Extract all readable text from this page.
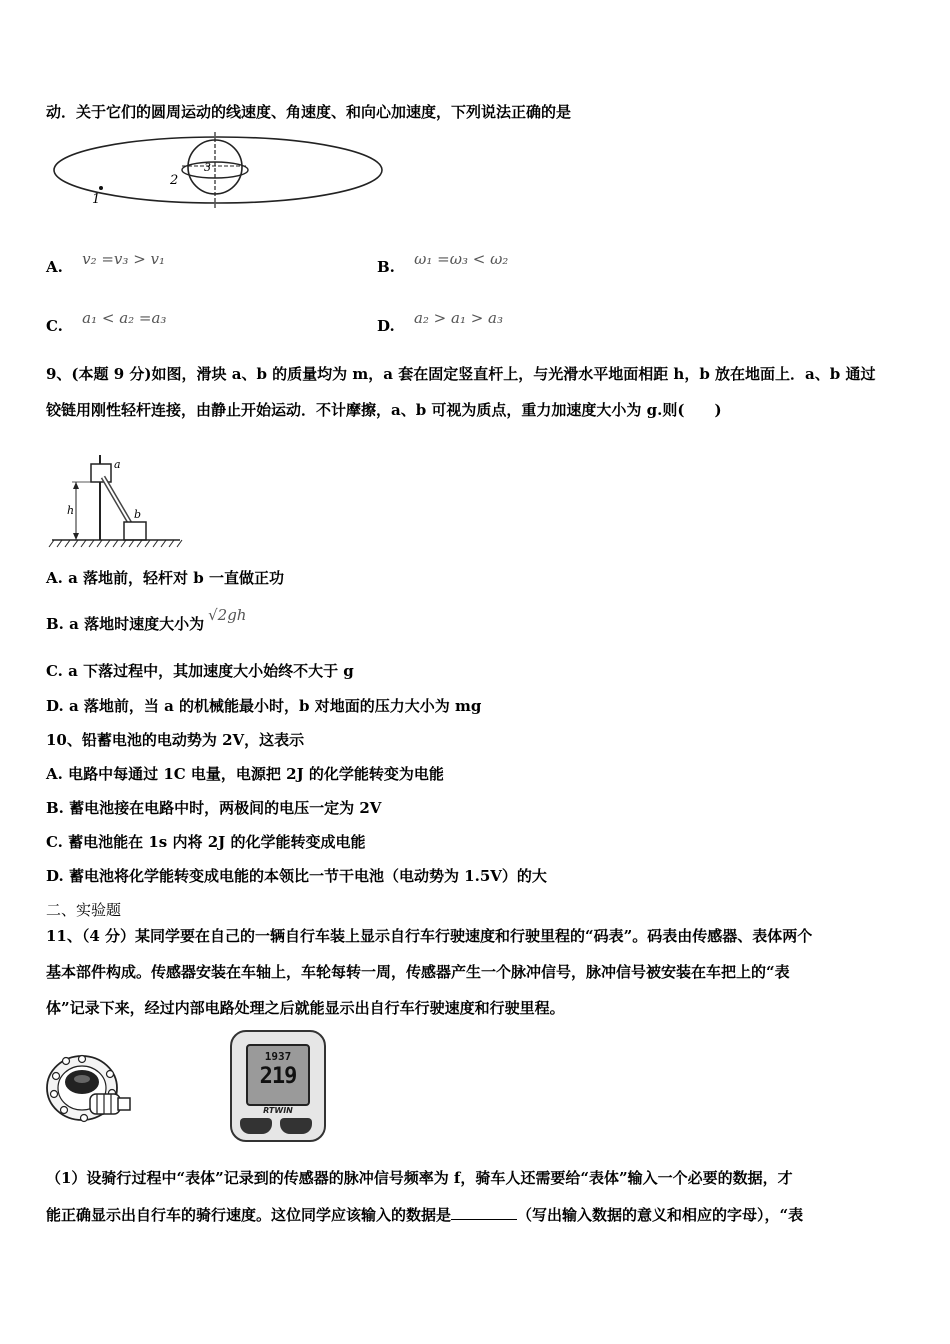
动．关于它们的圆周运动的线速度、角速度、和向心加速度，下列说法正确的是
1
2
3
A. v₂ =v₃ > v₁	B. ω₁ =ω₃ < ω₂
C. a₁ < a₂ =a₃	D. a₂ > a₁ > a₃
9、(本题 9 分)如图，滑块 a、b 的质量均为 m，a 套在固定竖直杆上，与光滑水平地面相距 h，b 放在地面上．a、b 通过
铰链用刚性轻杆连接，由静止开始运动．不计摩擦，a、b 可视为质点，重力加速度大小为 g.则(　　)
h
a
b
A. a 落地前，轻杆对 b 一直做正功
B. a 落地时速度大小为 √2gh
C. a 下落过程中，其加速度大小始终不大于 g
D. a 落地前，当 a 的机械能最小时，b 对地面的压力大小为 mg
10、铅蓄电池的电动势为 2V，这表示
A. 电路中每通过 1C 电量，电源把 2J 的化学能转变为电能
B. 蓄电池接在电路中时，两极间的电压一定为 2V
C. 蓄电池能在 1s 内将 2J 的化学能转变成电能
D. 蓄电池将化学能转变成电能的本领比一节干电池（电动势为 1.5V）的大
二、实验题
11、（4 分）某同学要在自己的一辆自行车装上显示自行车行驶速度和行驶里程的“码表”。码表由传感器、表体两个
基本部件构成。传感器安装在车轴上，车轮每转一周，传感器产生一个脉冲信号，脉冲信号被安装在车把上的“表
体”记录下来，经过内部电路处理之后就能显示出自行车行驶速度和行驶里程。
1937
219
RTWIN
（1）设骑行过程中“表体”记录到的传感器的脉冲信号频率为 f，骑车人还需要给“表体”输入一个必要的数据，才
能正确显示出自行车的骑行速度。这位同学应该输入的数据是	（写出输入数据的意义和相应的字母），“表
